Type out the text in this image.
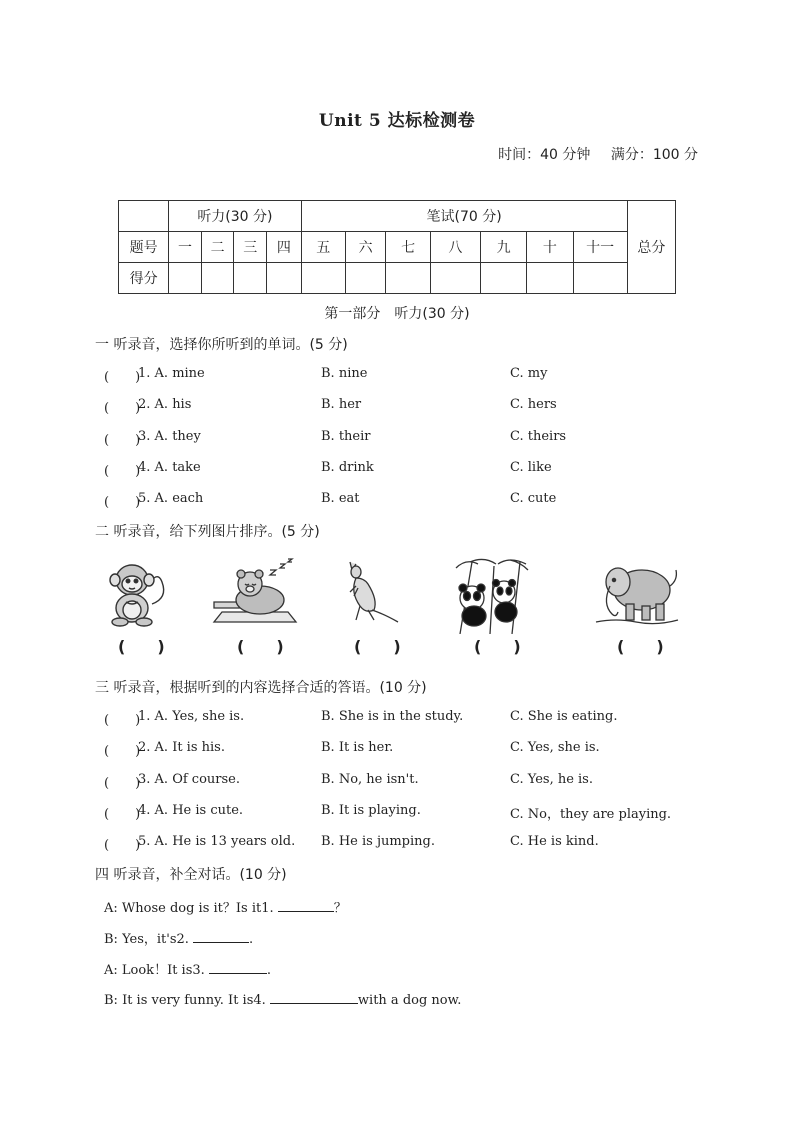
Unit 5 达标检测卷
时间：40 分钟 满分：100 分
	听力(30 分)				笔试(70 分)							总分
题号	一	二	三	四	五	六	七	八	九	十	十一	
得分												
第一部分　听力(30 分)
一 听录音，选择你所听到的单词。(5 分)
(　　)
1. A. mine	B. nine	C. my
(　　)
2. A. his	B. her	C. hers
(　　)
3. A. they	B. their	C. theirs
(　　)
4. A. take	B. drink	C. like
(　　)
5. A. each	B. eat	C. cute
二 听录音，给下列图片排序。(5 分)
(　　)	(　　)	(　　)	(　　)	(　　)
三 听录音，根据听到的内容选择合适的答语。(10 分)
(　　)
1. A. Yes, she is.	B. She is in the study.	C. She is eating.
(　　)
2. A. It is his.	B. It is her.	C. Yes, she is.
(　　)
3. A. Of course.	B. No, he isn't.	C. Yes, he is.
(　　)
4. A. He is cute.	B. It is playing.	C. No，they are playing.
(　　)
5. A. He is 13 years old. B. He is jumping.	C. He is kind.
四 听录音，补全对话。(10 分)
A: Whose dog is it？Is it1.	？
B: Yes，it's2.	.
A: Look！It is3.	.
B: It is very funny. It is4.	with a dog now.
